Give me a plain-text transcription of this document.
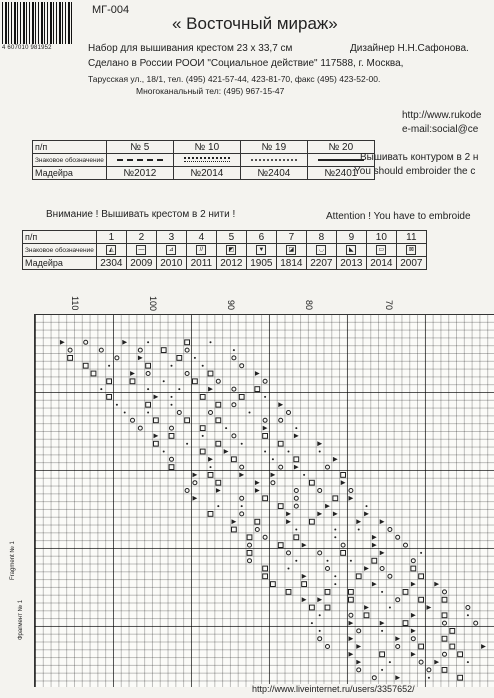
4 607010 981952
МГ-004
« Восточный мираж»
Набор для вышивания крестом 23 x 33,7 см	Дизайнер Н.Н.Сафонова.
Сделано в России РООИ "Социальное действие" 117588, г. Москва,
Тарусская ул., 18/1, тел. (495) 421-57-44, 423-81-70, факс (495) 423-52-00.
Многоканальный тел: (495) 967-15-47
http://www.rukode
e-mail:social@ce
п/п	№ 5	№ 10	№ 19	№ 20
Знаковое обозначение				
Мадейра	№2012	№2014	№2404	№2401
Вышивать контуром в 2 н
You should embroider the c
Внимание ! Вышивать крестом в 2 нити !	Attention ! You have to embroide
п/п	1	2	3	4	5	6	7	8	9	10	11
Знаковое обозначение	◭	—	⊿	//	◩	▼	◪	◡	◣	▭	⊠
Мадейра	2304	2009	2010	2011	2012	1905	1814	2207	2013	2014	2007
110	100	90	80	70
Fragment № 1
Фрагмент № 1
http://www.liveinternet.ru/users/3357652/
